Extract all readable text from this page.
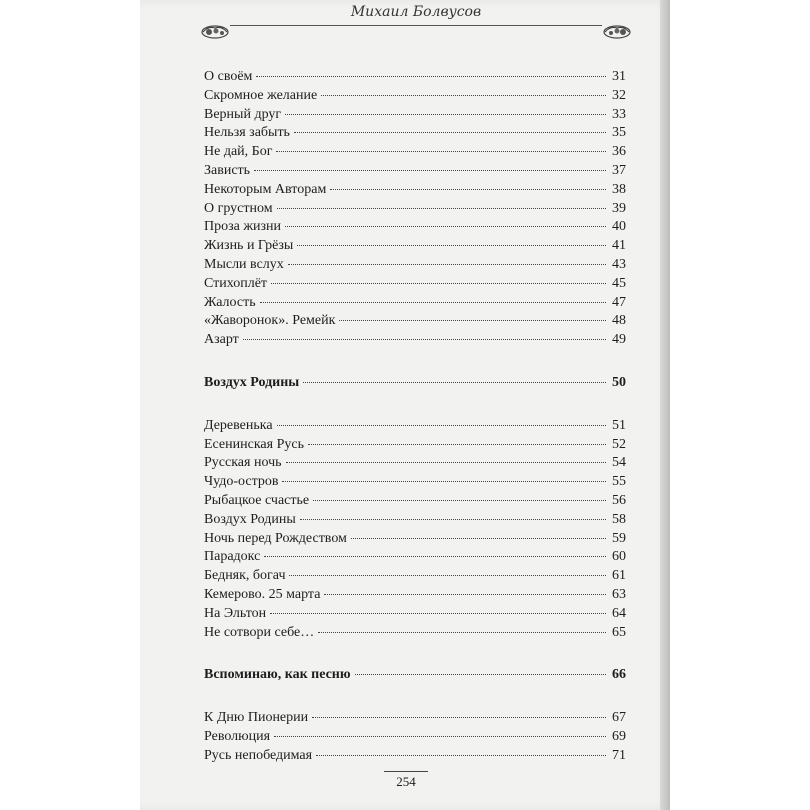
Михаил Болвусов
О своём	31
Скромное желание	32
Верный друг	33
Нельзя забыть	35
Не дай, Бог	36
Зависть	37
Некоторым Авторам	38
О грустном	39
Проза жизни	40
Жизнь и Грёзы	41
Мысли вслух	43
Стихоплёт	45
Жалость	47
«Жаворонок». Ремейк	48
Азарт	49
Воздух Родины	50
Деревенька	51
Есенинская Русь	52
Русская ночь	54
Чудо-остров	55
Рыбацкое счастье	56
Воздух Родины	58
Ночь перед Рождеством	59
Парадокс	60
Бедняк, богач	61
Кемерово. 25 марта	63
На Эльтон	64
Не сотвори себе…	65
Вспоминаю, как песню	66
К Дню Пионерии	67
Революция	69
Русь непобедимая	71
254
